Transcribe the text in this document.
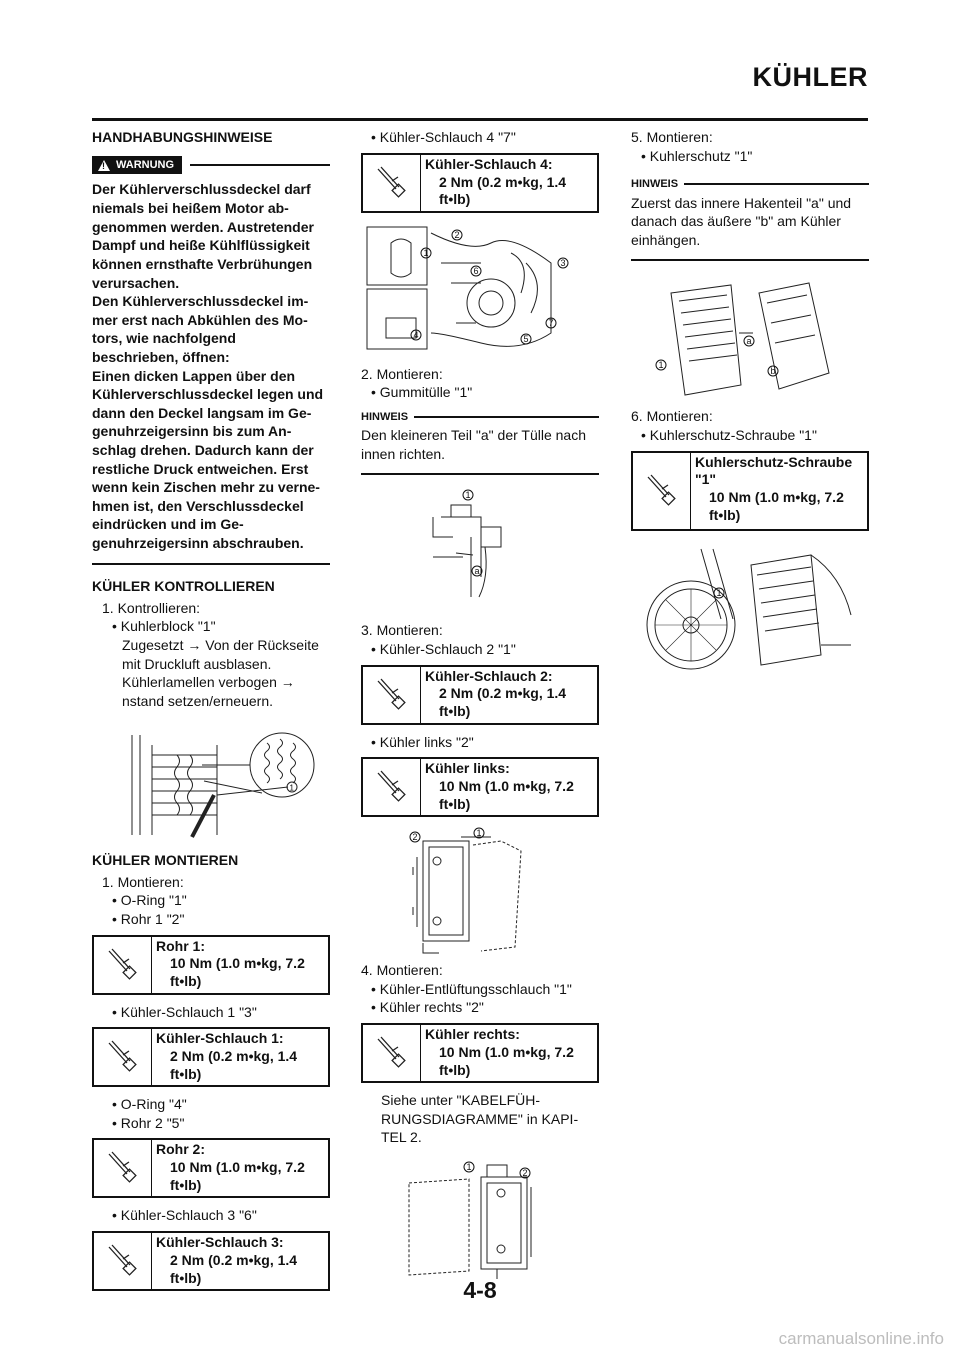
KÜHLER
HANDHABUNGSHINWEISE
!
WARNUNG
Der Kühlerverschlussdeckel darf
niemals bei heißem Motor ab-
genommen werden. Austretender
Dampf und heiße Kühlflüssigkeit
können ernsthafte Verbrühungen
verursachen.
Den Kühlerverschlussdeckel im-
mer erst nach Abkühlen des Mo-
tors, wie nachfolgend
beschrieben, öffnen:
Einen dicken Lappen über den
Kühlerverschlussdeckel legen und
dann den Deckel langsam im Ge-
genuhrzeigersinn bis zum An-
schlag drehen. Dadurch kann der
restliche Druck entweichen. Erst
wenn kein Zischen mehr zu verne-
hmen ist, den Verschlussdeckel
eindrücken und im Ge-
genuhrzeigersinn abschrauben.
KÜHLER KONTROLLIEREN
1. Kontrollieren:
• Kuhlerblock "1"
Zugesetzt → Von der Rückseite
mit Druckluft ausblasen.
Kühlerlamellen verbogen →
nstand setzen/erneuern.
1
KÜHLER MONTIEREN
1. Montieren:
• O-Ring "1"
• Rohr 1 "2"
Rohr 1:
10 Nm (1.0 m•kg, 7.2
ft•lb)
• Kühler-Schlauch 1 "3"
Kühler-Schlauch 1:
2 Nm (0.2 m•kg, 1.4
ft•lb)
• O-Ring "4"
• Rohr 2 "5"
Rohr 2:
10 Nm (1.0 m•kg, 7.2
ft•lb)
• Kühler-Schlauch 3 "6"
Kühler-Schlauch 3:
2 Nm (0.2 m•kg, 1.4
ft•lb)
• Kühler-Schlauch 4 "7"
Kühler-Schlauch 4:
2 Nm (0.2 m•kg, 1.4
ft•lb)
1
2
3
4	5
6
7
2. Montieren:
• Gummitülle "1"
HINWEIS
Den kleineren Teil "a" der Tülle nach
innen richten.
1
a
3. Montieren:
• Kühler-Schlauch 2 "1"
Kühler-Schlauch 2:
2 Nm (0.2 m•kg, 1.4
ft•lb)
• Kühler links "2"
Kühler links:
10 Nm (1.0 m•kg, 7.2
ft•lb)
2	1
4. Montieren:
• Kühler-Entlüftungsschlauch "1"
• Kühler rechts "2"
Kühler rechts:
10 Nm (1.0 m•kg, 7.2
ft•lb)
Siehe unter "KABELFÜH-
RUNGSDIAGRAMME" in KAPI-
TEL 2.
1
2
5. Montieren:
• Kuhlerschutz "1"
HINWEIS
Zuerst das innere Hakenteil "a" und
danach das äußere "b" am Kühler
einhängen.
a
1
b
6. Montieren:
• Kuhlerschutz-Schraube "1"
Kuhlerschutz-Schraube
"1"
10 Nm (1.0 m•kg, 7.2
ft•lb)
1
4-8
carmanualsonline.info
